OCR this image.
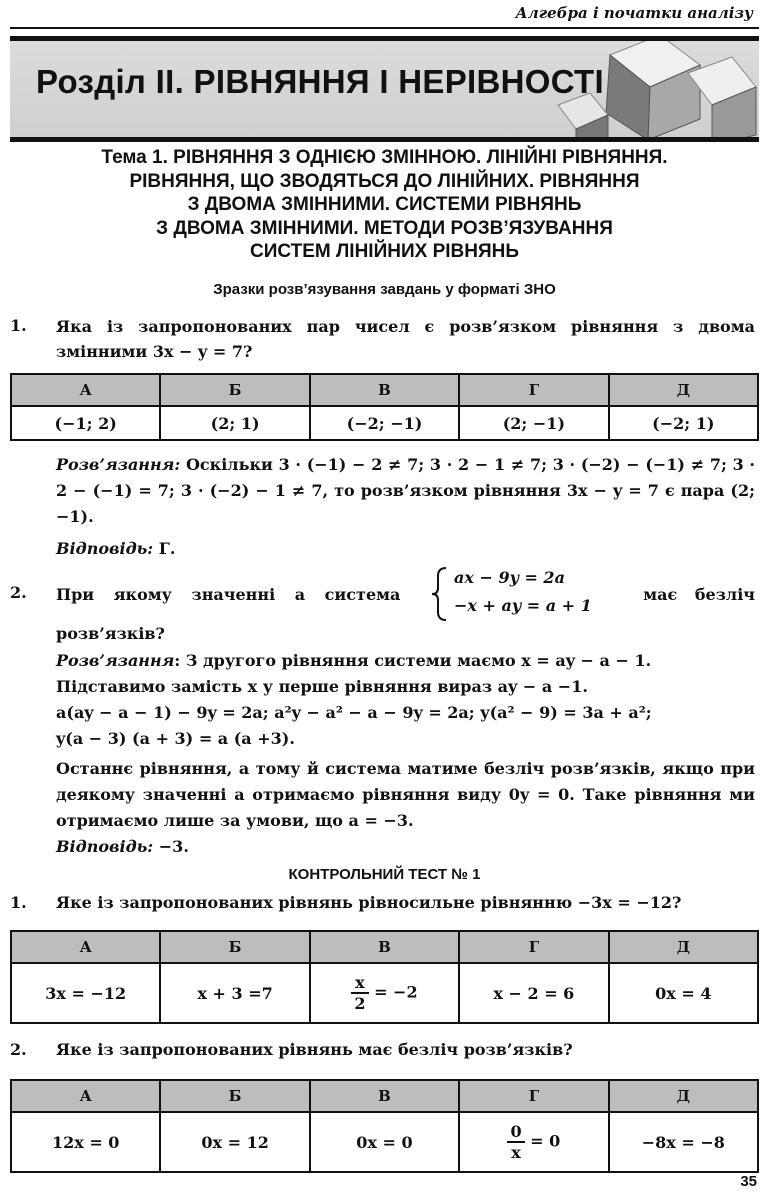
Алгебра і початки аналізу
Розділ ІІ. РІВНЯННЯ І НЕРІВНОСТІ
Тема 1. РІВНЯННЯ З ОДНІЄЮ ЗМІННОЮ. ЛІНІЙНІ РІВНЯННЯ.
РІВНЯННЯ, ЩО ЗВОДЯТЬСЯ ДО ЛІНІЙНИХ. РІВНЯННЯ
З ДВОМА ЗМІННИМИ. СИСТЕМИ РІВНЯНЬ
З ДВОМА ЗМІННИМИ. МЕТОДИ РОЗВ’ЯЗУВАННЯ
СИСТЕМ ЛІНІЙНИХ РІВНЯНЬ
Зразки розв’язування завдань у форматі ЗНО
1. Яка із запропонованих пар чисел є розв’язком рівняння з двома змінними 3x − y = 7?
А	Б	В	Г	Д
(−1; 2)	(2; 1)	(−2; −1)	(2; −1)	(−2; 1)
Розв’язання: Оскільки 3 · (−1) − 2 ≠ 7; 3 · 2 − 1 ≠ 7; 3 · (−2) − (−1) ≠ 7; 3 · 2 − (−1) = 7; 3 · (−2) − 1 ≠ 7, то розв’язком рівняння 3x − y = 7 є пара (2; −1).
Відповідь: Г.
2. При якому значенні a система
ax − 9y = 2a
−x + ay = a + 1
має безліч
розв’язків?
Розв’язання: З другого рівняння системи маємо x = ay − a − 1.
Підставимо замість x у перше рівняння вираз ay − a −1.
a(ay − a − 1) − 9y = 2a; a²y − a² − a − 9y = 2a; y(a² − 9) = 3a + a²;
y(a − 3) (a + 3) = a (a +3).
Останнє рівняння, а тому й система матиме безліч розв’язків, якщо при деякому значенні a отримаємо рівняння виду 0y = 0. Таке рівняння ми отримаємо лише за умови, що a = −3.
Відповідь: −3.
КОНТРОЛЬНИЙ ТЕСТ № 1
1. Яке із запропонованих рівнянь рівносильне рівнянню −3x = −12?
А	Б	В	Г	Д
3x = −12	x + 3 =7	$\frac{x}{2} = -2$	x − 2 = 6	0x = 4
2. Яке із запропонованих рівнянь має безліч розв’язків?
А	Б	В	Г	Д
12x = 0	0x = 12	0x = 0	$\frac{0}{x} = 0$	−8x = −8
35
